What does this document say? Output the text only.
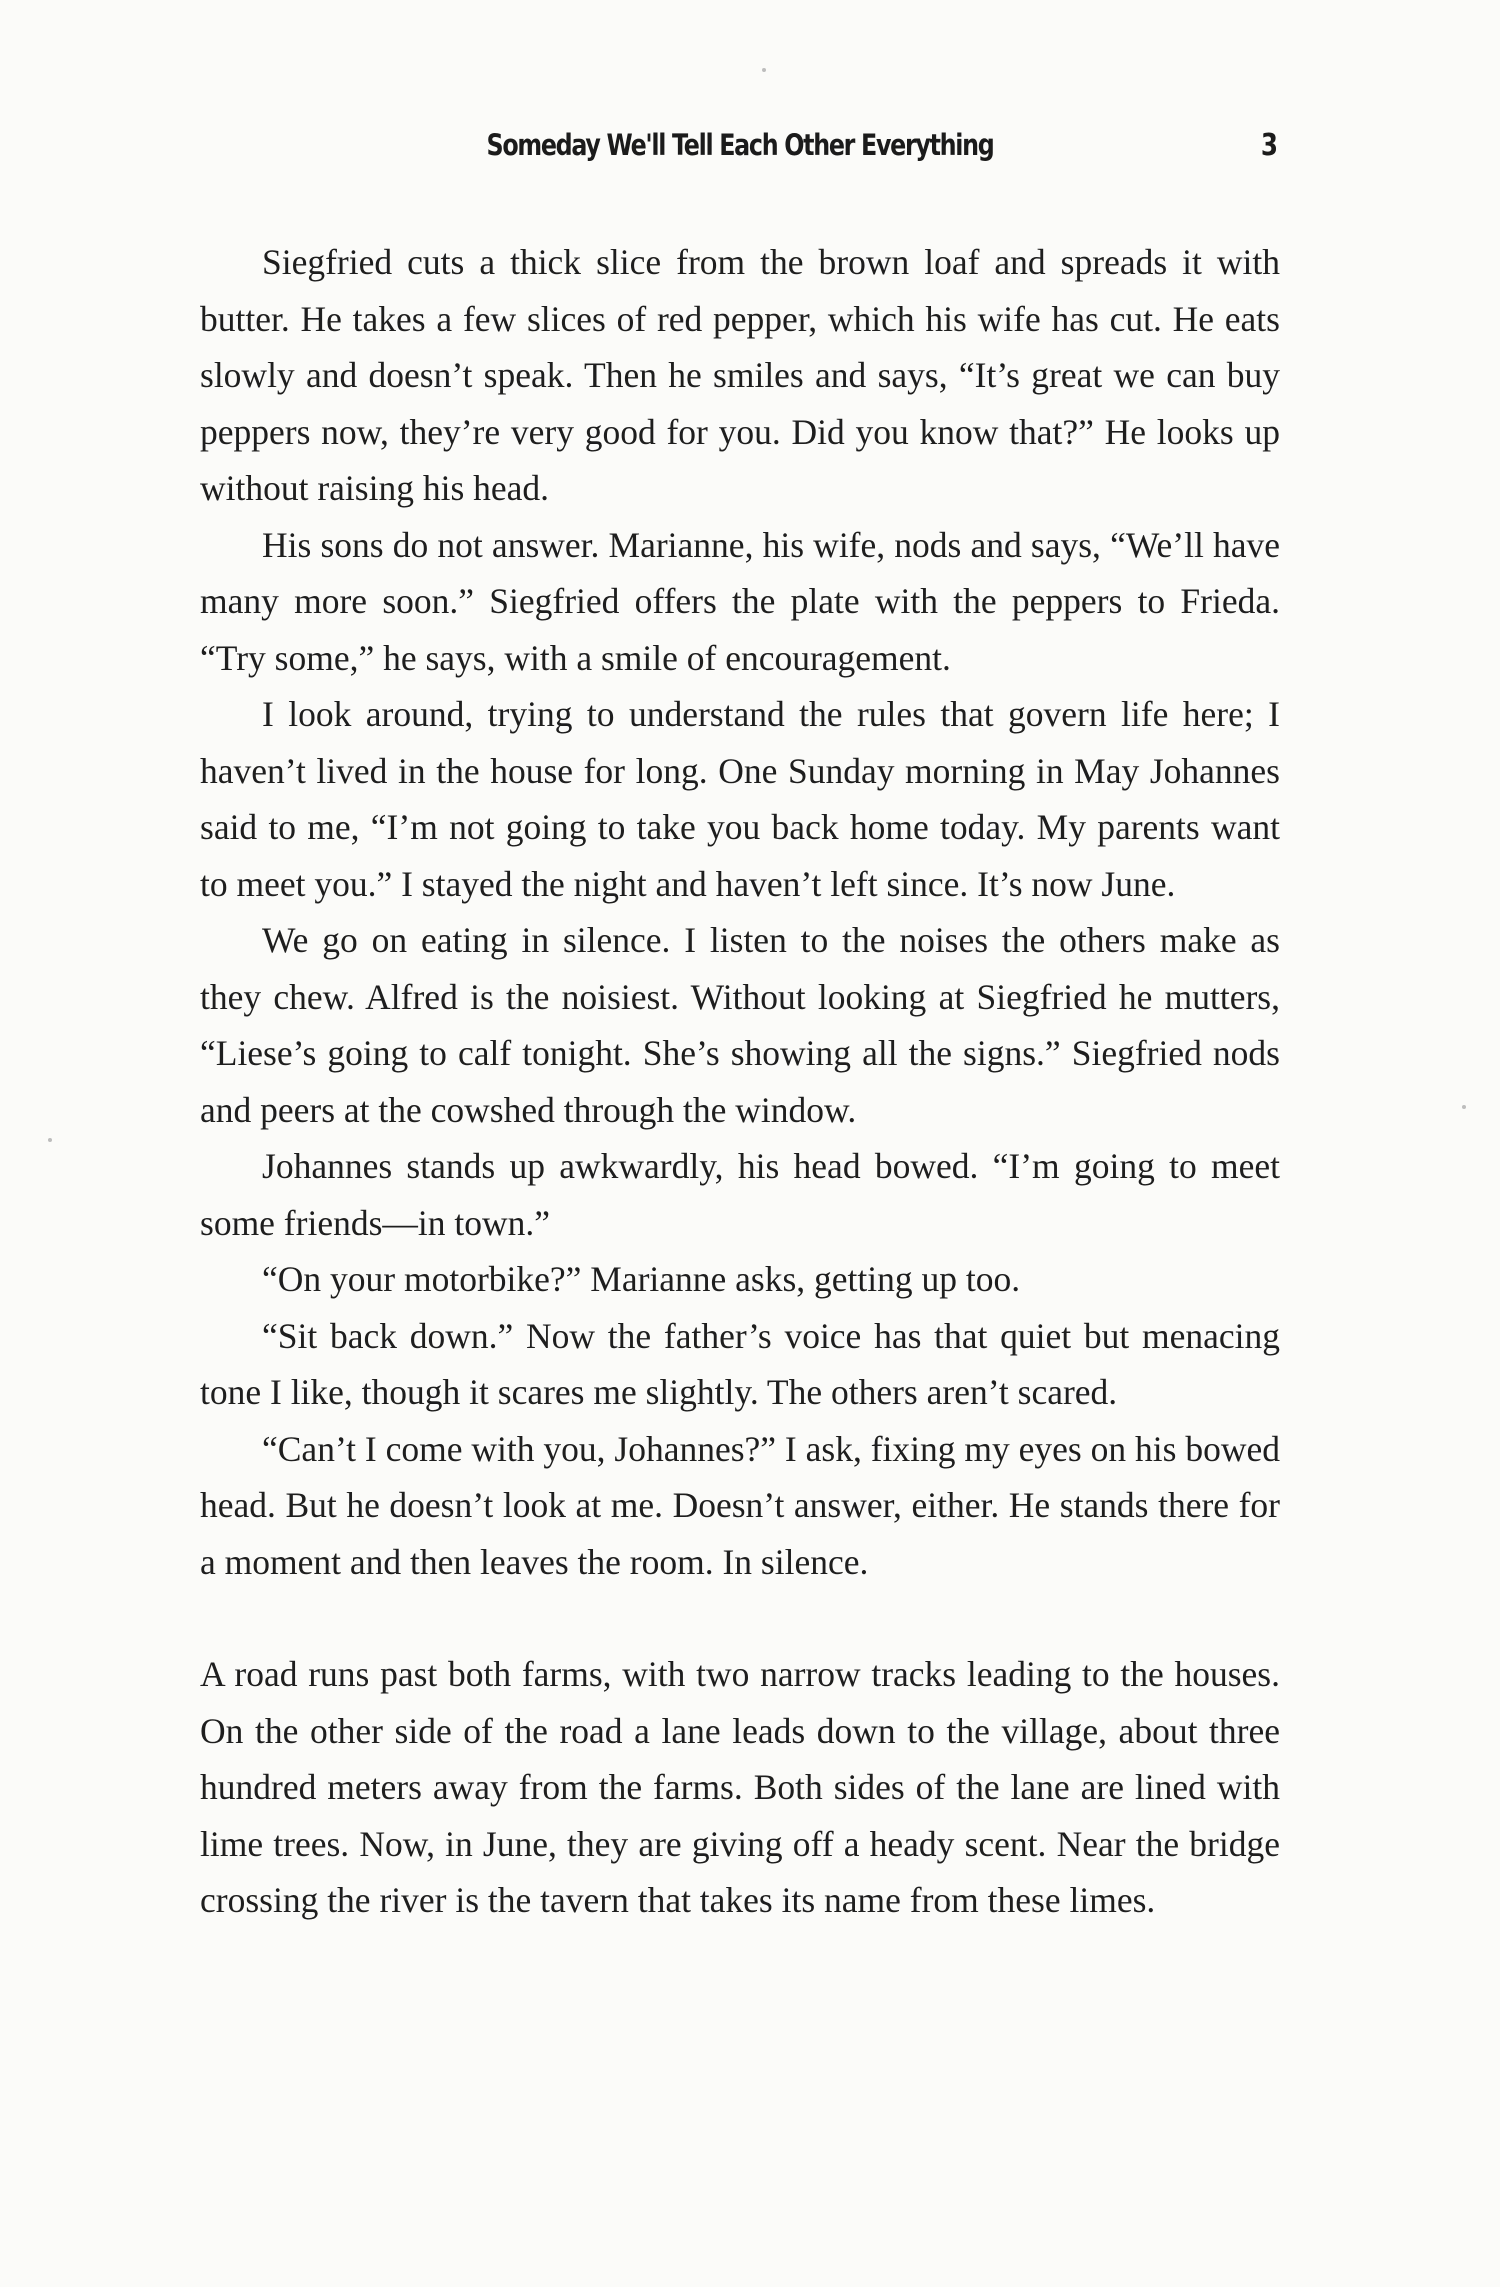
Someday We'll Tell Each Other Everything	3

Siegfried cuts a thick slice from the brown loaf and spreads it with butter. He takes a few slices of red pepper, which his wife has cut. He eats slowly and doesn’t speak. Then he smiles and says, “It’s great we can buy peppers now, they’re very good for you. Did you know that?” He looks up without raising his head.

His sons do not answer. Marianne, his wife, nods and says, “We’ll have many more soon.” Siegfried offers the plate with the peppers to Frieda. “Try some,” he says, with a smile of encouragement.

I look around, trying to understand the rules that govern life here; I haven’t lived in the house for long. One Sunday morning in May Johannes said to me, “I’m not going to take you back home today. My parents want to meet you.” I stayed the night and haven’t left since. It’s now June.

We go on eating in silence. I listen to the noises the others make as they chew. Alfred is the noisiest. Without looking at Siegfried he mutters, “Liese’s going to calf tonight. She’s showing all the signs.” Siegfried nods and peers at the cowshed through the window.

Johannes stands up awkwardly, his head bowed. “I’m going to meet some friends—in town.”

“On your motorbike?” Marianne asks, getting up too.

“Sit back down.” Now the father’s voice has that quiet but menacing tone I like, though it scares me slightly. The others aren’t scared.

“Can’t I come with you, Johannes?” I ask, fixing my eyes on his bowed head. But he doesn’t look at me. Doesn’t answer, either. He stands there for a moment and then leaves the room. In silence.

A road runs past both farms, with two narrow tracks leading to the houses. On the other side of the road a lane leads down to the village, about three hundred meters away from the farms. Both sides of the lane are lined with lime trees. Now, in June, they are giving off a heady scent. Near the bridge crossing the river is the tavern that takes its name from these limes.
